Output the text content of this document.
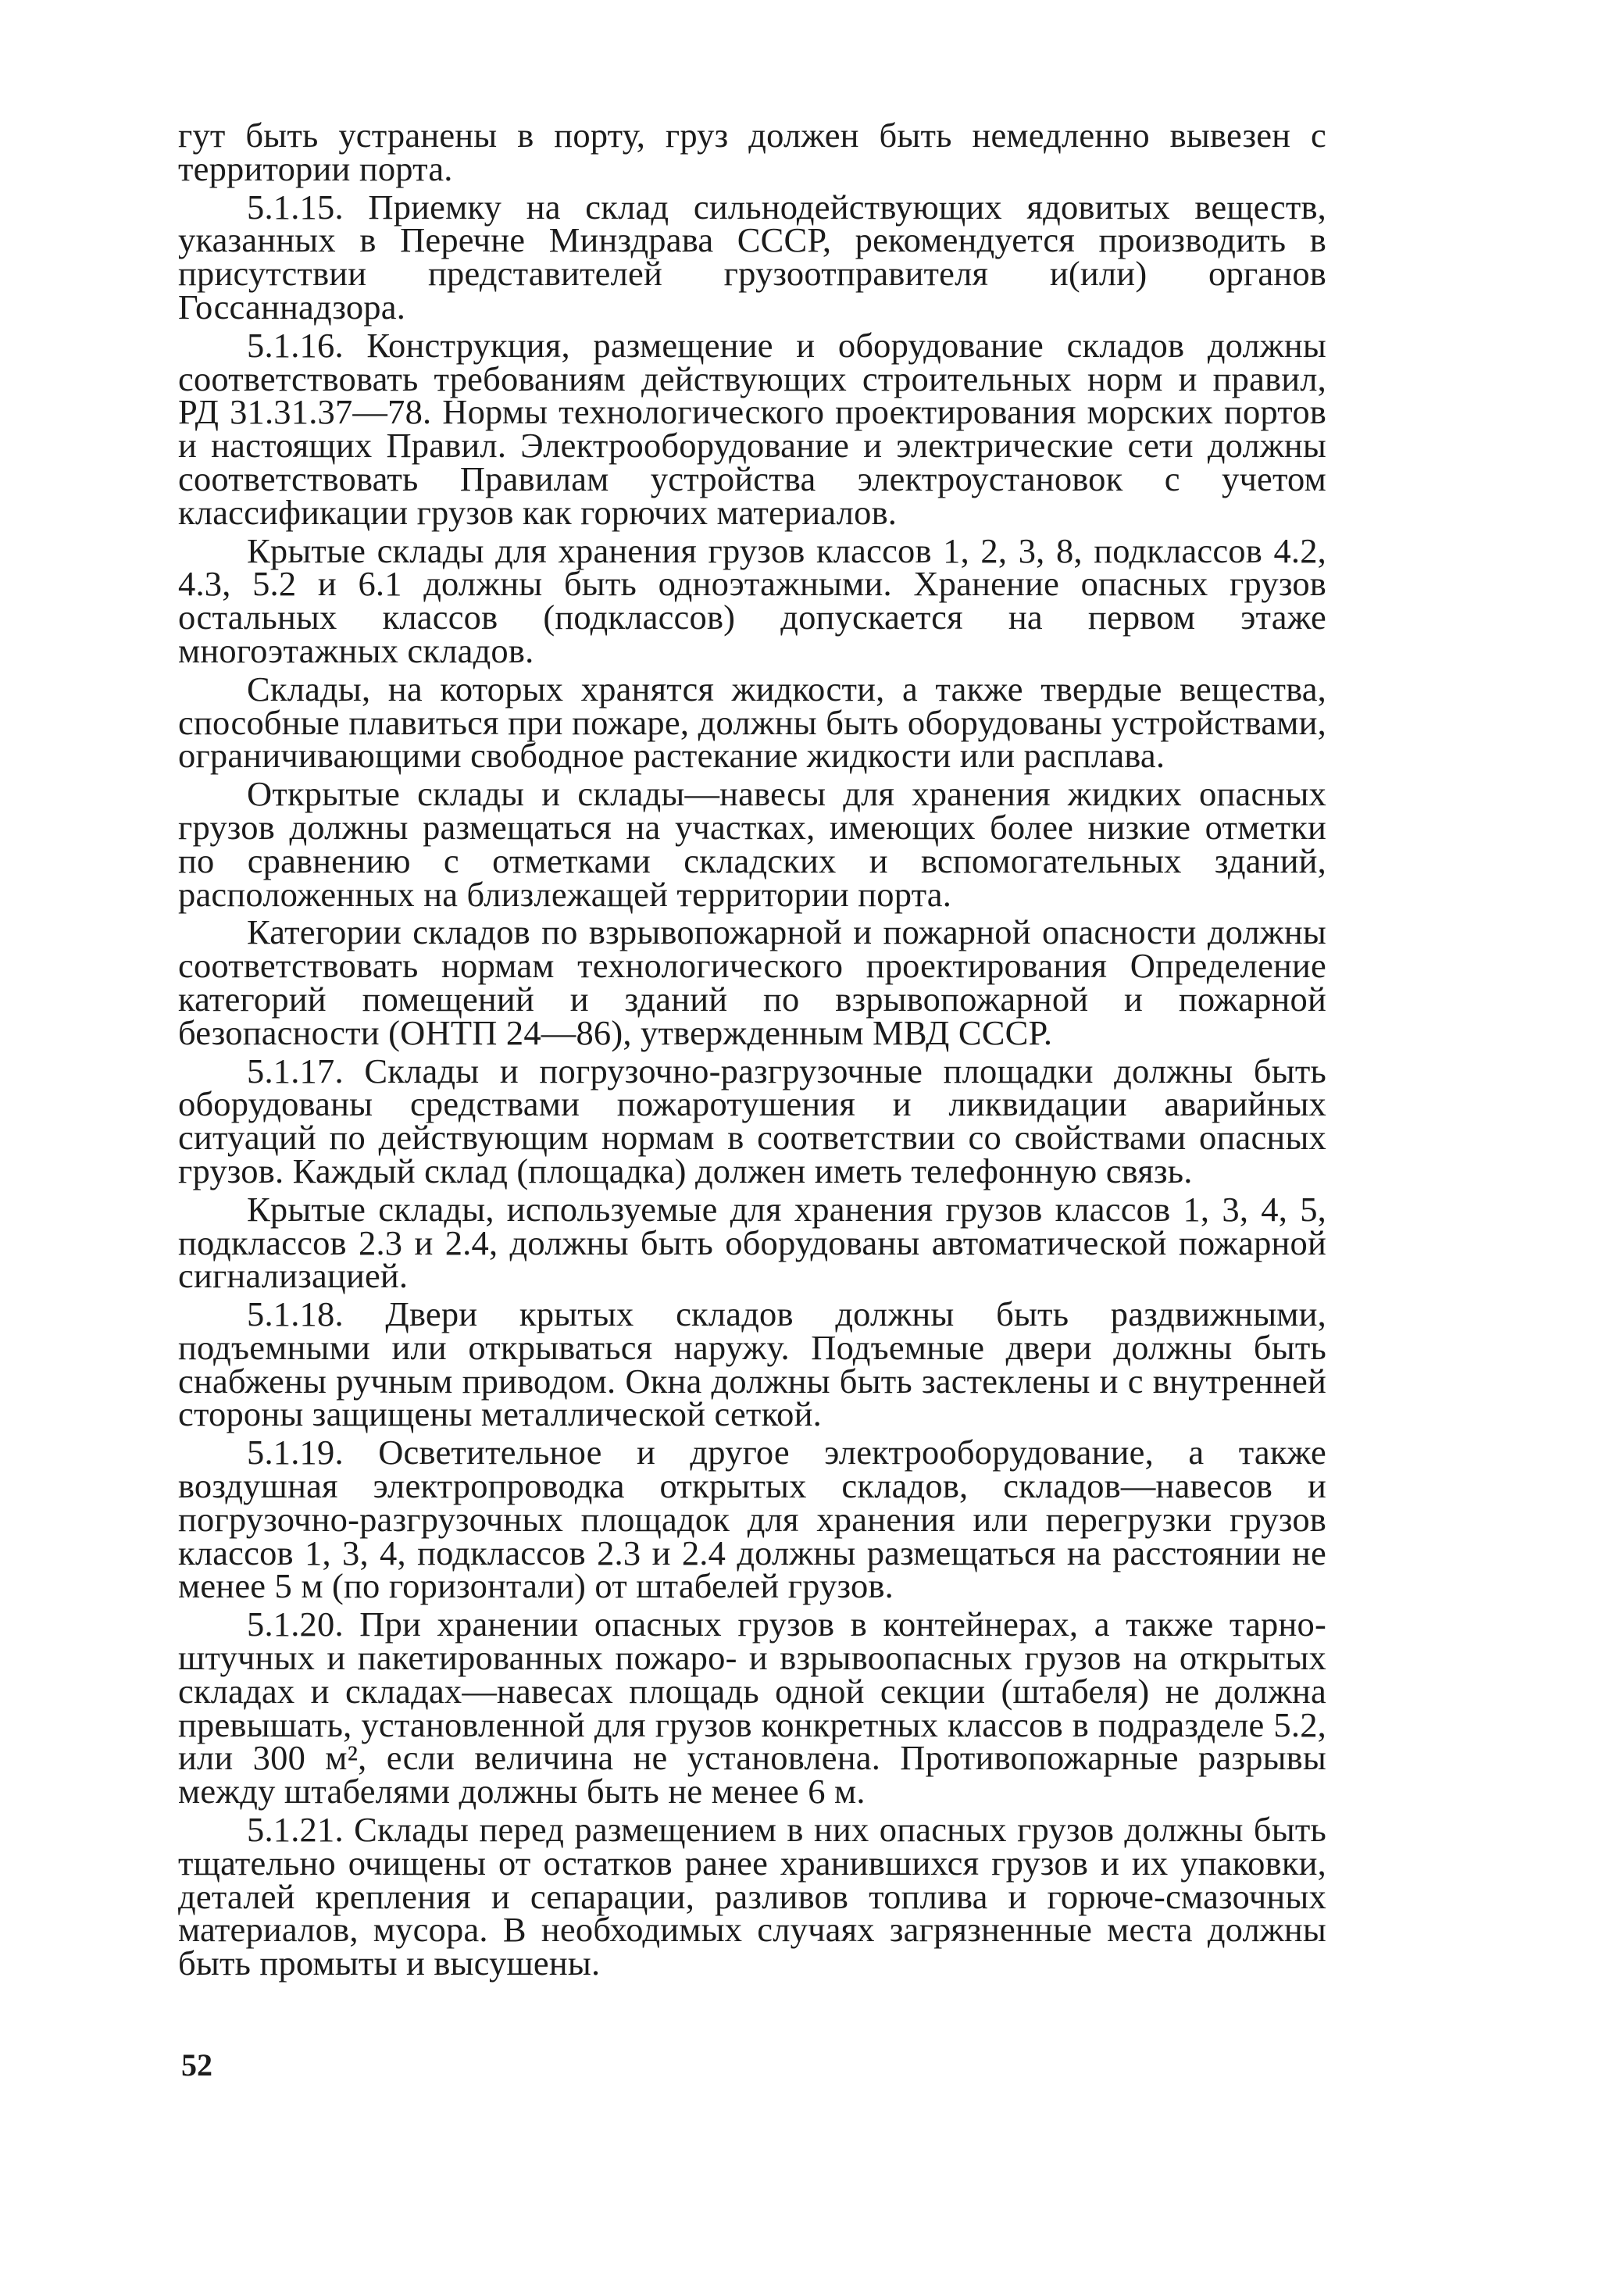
гут быть устранены в порту, груз должен быть немедленно вывезен с территории порта.

5.1.15. Приемку на склад сильнодействующих ядовитых веществ, указанных в Перечне Минздрава СССР, рекомендуется производить в присутствии представителей грузоотправителя и(или) органов Госсаннадзора.

5.1.16. Конструкция, размещение и оборудование складов должны соответствовать требованиям действующих строительных норм и правил, РД 31.31.37—78. Нормы технологического проектирования морских портов и настоящих Правил. Электрооборудование и электрические сети должны соответствовать Правилам устройства электроустановок с учетом классификации грузов как горючих материалов.

Крытые склады для хранения грузов классов 1, 2, 3, 8, подклассов 4.2, 4.3, 5.2 и 6.1 должны быть одноэтажными. Хранение опасных грузов остальных классов (подклассов) допускается на первом этаже многоэтажных складов.

Склады, на которых хранятся жидкости, а также твердые вещества, способные плавиться при пожаре, должны быть оборудованы устройствами, ограничивающими свободное растекание жидкости или расплава.

Открытые склады и склады—навесы для хранения жидких опасных грузов должны размещаться на участках, имеющих более низкие отметки по сравнению с отметками складских и вспомогательных зданий, расположенных на близлежащей территории порта.

Категории складов по взрывопожарной и пожарной опасности должны соответствовать нормам технологического проектирования Определение категорий помещений и зданий по взрывопожарной и пожарной безопасности (ОНТП 24—86), утвержденным МВД СССР.

5.1.17. Склады и погрузочно-разгрузочные площадки должны быть оборудованы средствами пожаротушения и ликвидации аварийных ситуаций по действующим нормам в соответствии со свойствами опасных грузов. Каждый склад (площадка) должен иметь телефонную связь.

Крытые склады, используемые для хранения грузов классов 1, 3, 4, 5, подклассов 2.3 и 2.4, должны быть оборудованы автоматической пожарной сигнализацией.

5.1.18. Двери крытых складов должны быть раздвижными, подъемными или открываться наружу. Подъемные двери должны быть снабжены ручным приводом. Окна должны быть застеклены и с внутренней стороны защищены металлической сеткой.

5.1.19. Осветительное и другое электрооборудование, а также воздушная электропроводка открытых складов, складов—навесов и погрузочно-разгрузочных площадок для хранения или перегрузки грузов классов 1, 3, 4, подклассов 2.3 и 2.4 должны размещаться на расстоянии не менее 5 м (по горизонтали) от штабелей грузов.

5.1.20. При хранении опасных грузов в контейнерах, а также тарно-штучных и пакетированных пожаро- и взрывоопасных грузов на открытых складах и складах—навесах площадь одной секции (штабеля) не должна превышать, установленной для грузов конкретных классов в подразделе 5.2, или 300 м², если величина не установлена. Противопожарные разрывы между штабелями должны быть не менее 6 м.

5.1.21. Склады перед размещением в них опасных грузов должны быть тщательно очищены от остатков ранее хранившихся грузов и их упаковки, деталей крепления и сепарации, разливов топлива и горюче-смазочных материалов, мусора. В необходимых случаях загрязненные места должны быть промыты и высушены.

52
